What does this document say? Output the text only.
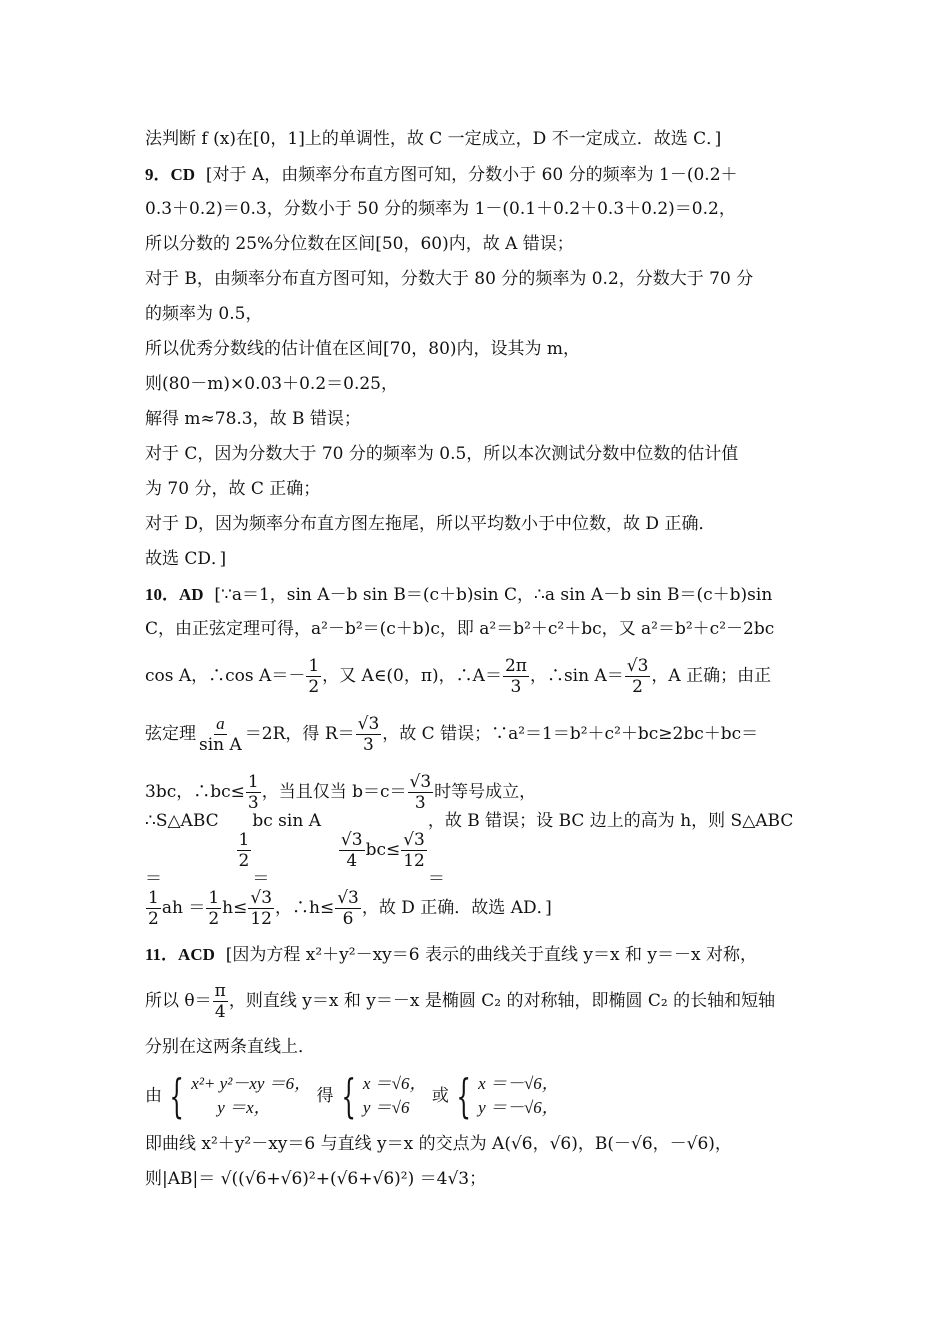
法判断 f (x)在[0，1]上的单调性，故 C 一定成立，D 不一定成立．故选 C．]
9．CD [对于 A，由频率分布直方图可知，分数小于 60 分的频率为 1－(0.2＋
0.3＋0.2)＝0.3，分数小于 50 分的频率为 1－(0.1＋0.2＋0.3＋0.2)＝0.2，
所以分数的 25%分位数在区间[50，60)内，故 A 错误；
对于 B，由频率分布直方图可知，分数大于 80 分的频率为 0.2，分数大于 70 分
的频率为 0.5，
所以优秀分数线的估计值在区间[70，80)内，设其为 m，
则(80－m)×0.03＋0.2＝0.25，
解得 m≈78.3，故 B 错误；
对于 C，因为分数大于 70 分的频率为 0.5，所以本次测试分数中位数的估计值
为 70 分，故 C 正确；
对于 D，因为频率分布直方图左拖尾，所以平均数小于中位数，故 D 正确．
故选 CD．]
10．AD [∵a＝1，sin A－b sin B＝(c＋b)sin C，∴a sin A－b sin B＝(c＋b)sin
C，由正弦定理可得，a²－b²＝(c＋b)c，即 a²＝b²＋c²＋bc，又 a²＝b²＋c²－2bc
cos A，∴cos $A=- \frac{1}{2}$ ，又 A∈(0，π)，∴A＝ $\frac{2\pi}{3}$ ，∴sin $A= \frac{√3}{2}$ ，A 正确；由正
弦定理 $\frac{a}{\text{sin A}} =2R$，得 $R= \frac{√3}{3}$ ，故 C 错误；∵a²＝1＝b²＋c²＋bc≥2bc＋bc＝
3bc，∴bc≤ $\frac{1}{3}$ ，当且仅当 $b=c= \frac{√3}{3}$ 时等号成立，
∴S△ABC＝
$\frac{1}{2}$
bc sin A＝
$\frac{√3}{4} bc\le \frac{√3}{12}$
，故 B 错误；设 BC 边上的高为 h，则 S△ABC＝
$\frac{1}{2}$ ah ＝ $\frac{1}{2} h\le \frac{√3}{12}$ ，∴h≤ $\frac{√3}{6}$ ，故 D 正确．故选 AD．]
11．ACD [因为方程 x²＋y²－xy＝6 表示的曲线关于直线 y＝x 和 y＝－x 对称，
所以 $\theta= \frac{\pi}{4}$ ，则直线 y＝x 和 y＝－x 是椭圆 C₂ 的对称轴，即椭圆 C₂ 的长轴和短轴
分别在这两条直线上．
由 { x²+ y²－xy ＝6，
y ＝x，

得 { x ＝√6，
y ＝√6

或 { x ＝－√6，
y ＝－√6，
即曲线 x²＋y²－xy＝6 与直线 y＝x 的交点为 A(√6，√6)，B(－√6，－√6)，
则|AB|＝ √((√6+√6)²+(√6+√6)²) ＝4√3；
